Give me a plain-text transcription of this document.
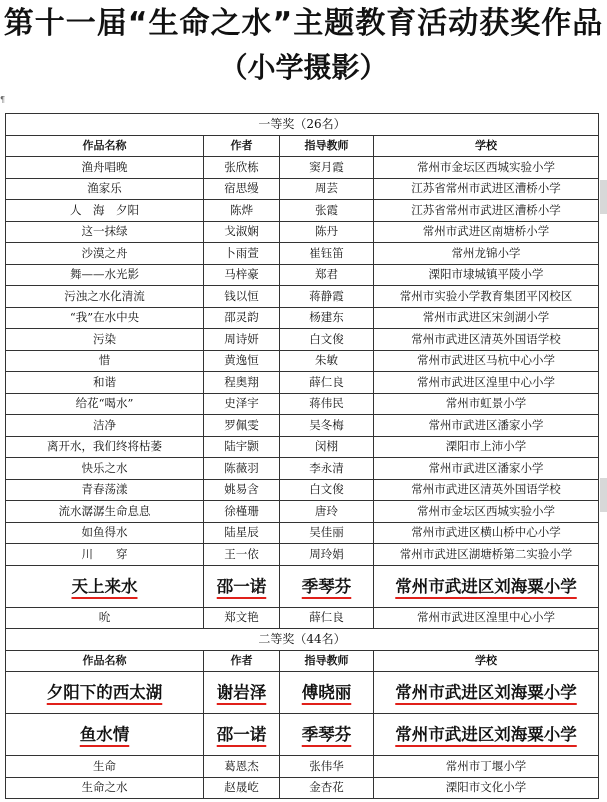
第十一届“生命之水”主题教育活动获奖作品
（小学摄影）
¶
一等奖（26名）			
作品名称	作者	指导教师	学校
渔舟唱晚	张欣栋	窦月霞	常州市金坛区西城实验小学
渔家乐	宿思缦	周芸	江苏省常州市武进区漕桥小学
人　海　夕阳	陈烨	张霞	江苏省常州市武进区漕桥小学
这一抹绿	戈淑娴	陈丹	常州市武进区南塘桥小学
沙漠之舟	卜雨萱	崔钰笛	常州龙锦小学
舞——水光影	马梓豪	郑君	溧阳市埭城镇平陵小学
污浊之水化清流	钱以恒	蒋静霞	常州市实验小学教育集团平冈校区
“我”在水中央	邵灵韵	杨建东	常州市武进区宋剑湖小学
污染	周诗妍	白文俊	常州市武进区清英外国语学校
惜	黄逸恒	朱敏	常州市武进区马杭中心小学
和谐	程奥翔	薛仁良	常州市武进区湟里中心小学
给花“喝水”	史泽宇	蒋伟民	常州市虹景小学
洁净	罗佩雯	吴冬梅	常州市武进区潘家小学
离开水，我们终将枯萎	陆宇颢	闵栩	溧阳市上沛小学
快乐之水	陈薇羽	李永清	常州市武进区潘家小学
青春荡漾	姚易含	白文俊	常州市武进区清英外国语学校
流水潺潺生命息息	徐槿珊	唐玲	常州市金坛区西城实验小学
如鱼得水	陆星辰	吴佳丽	常州市武进区横山桥中心小学
川　　穿	王一依	周玲娟	常州市武进区湖塘桥第二实验小学
天上来水	邵一诺	季琴芬	常州市武进区刘海粟小学
吮	郑文艳	薛仁良	常州市武进区湟里中心小学
二等奖（44名）			
作品名称	作者	指导教师	学校
夕阳下的西太湖	谢岩泽	傅晓丽	常州市武进区刘海粟小学
鱼水情	邵一诺	季琴芬	常州市武进区刘海粟小学
生命	葛恩杰	张伟华	常州市丁堰小学
生命之水	赵晟屹	金杏花	溧阳市文化小学
